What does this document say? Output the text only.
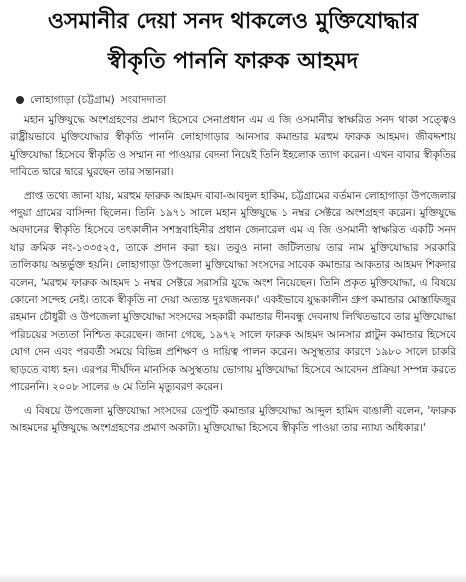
ওসমানীর দেয়া সনদ থাকলেও মুক্তিযোদ্ধার
স্বীকৃতি পাননি ফারুক আহমদ
লোহাগাড়া (চট্টগ্রাম) সংবাদদাতা

মহান মুক্তিযুদ্ধে অংশগ্রহণের প্রমাণ হিসেবে সেনাপ্রধান এম এ জি ওসমানীর স্বাক্ষরিত সনদ থাকা সত্ত্বেও রাষ্ট্রীয়ভাবে মুক্তিযোদ্ধার স্বীকৃতি পাননি লোহাগাড়ার আনসার কমান্ডার মরহুম ফারুক আহমদ। জীবদ্দশায় মুক্তিযোদ্ধা হিসেবে স্বীকৃতি ও সম্মান না পাওয়ার বেদনা নিয়েই তিনি ইহলোক ত্যাগ করেন। এখন বাবার স্বীকৃতির দাবিতে দ্বারে দ্বারে ঘুরছেন তার সন্তানরা।

প্রাপ্ত তথ্যে জানা যায়, মরহুম ফারুক আহমদ বাবা-আবদুল হাকিম, চট্টগ্রামের বর্তমান লোহাগাড়া উপজেলার পদুয়া গ্রামের বাসিন্দা ছিলেন। তিনি ১৯৭১ সালে মহান মুক্তিযুদ্ধে ১ নম্বর সেক্টরে অংশগ্রহণ করেন। মুক্তিযুদ্ধে অবদানের স্বীকৃতি হিসেবে তৎকালীন সশস্ত্রবাহিনীর প্রধান জেনারেল এম এ জি ওসমানী স্বাক্ষরিত একটি সনদ যার ক্রমিক নং-১৩৩৫২৫, তাকে প্রদান করা হয়। তবুও নানা জটিলতায় তার নাম মুক্তিযোদ্ধার সরকারি তালিকায় অন্তর্ভুক্ত হয়নি। লোহাগাড়া উপজেলা মুক্তিযোদ্ধা সংসদের সাবেক কমান্ডার আকতার আহমদ শিকদার বলেন, 'মরহুম ফারুক আহমদ ১ নম্বর সেক্টরে সরাসরি যুদ্ধে অংশ নিয়েছেন। তিনি প্রকৃত মুক্তিযোদ্ধা, এ বিষয়ে কোনো সন্দেহ নেই। তাকে স্বীকৃতি না দেয়া অত্যন্ত দুঃখজনক।' একইভাবে যুদ্ধকালীন গ্রুপ কমান্ডার মোস্তাফিজুর রহমান চৌধুরী ও উপজেলা মুক্তিযোদ্ধা সংসদের সহকারী কমান্ডার দীনবন্ধু দেবনাথ লিখিতভাবে তার মুক্তিযোদ্ধা পরিচয়ের সত্যতা নিশ্চিত করেছেন। জানা গেছে, ১৯৭২ সালে ফারুক আহমদ আনসার প্লাটুন কমান্ডার হিসেবে যোগ দেন এবং পরবর্তী সময়ে বিভিন্ন প্রশিক্ষণ ও দায়িত্ব পালন করেন। অসুস্থতার কারণে ১৯৮০ সালে চাকরি ছাড়তে বাধ্য হন। এরপর দীর্ঘদিন মানসিক অসুস্থতায় ভোগায় মুক্তিযোদ্ধা হিসেবে আবেদন প্রক্রিয়া সম্পন্ন করতে পারেননি। ২০০৮ সালের ৬ মে তিনি মৃত্যুবরণ করেন।

এ বিষয়ে উপজেলা মুক্তিযোদ্ধা সংসদের ডেপুটি কমান্ডার মুক্তিযোদ্ধা আব্দুল হামিদ বাঙালী বলেন, 'ফারুক আহমদের মুক্তিযুদ্ধে অংশগ্রহণের প্রমাণ অকাট্য। মুক্তিযোদ্ধা হিসেবে স্বীকৃতি পাওয়া তার ন্যায্য অধিকার।'
